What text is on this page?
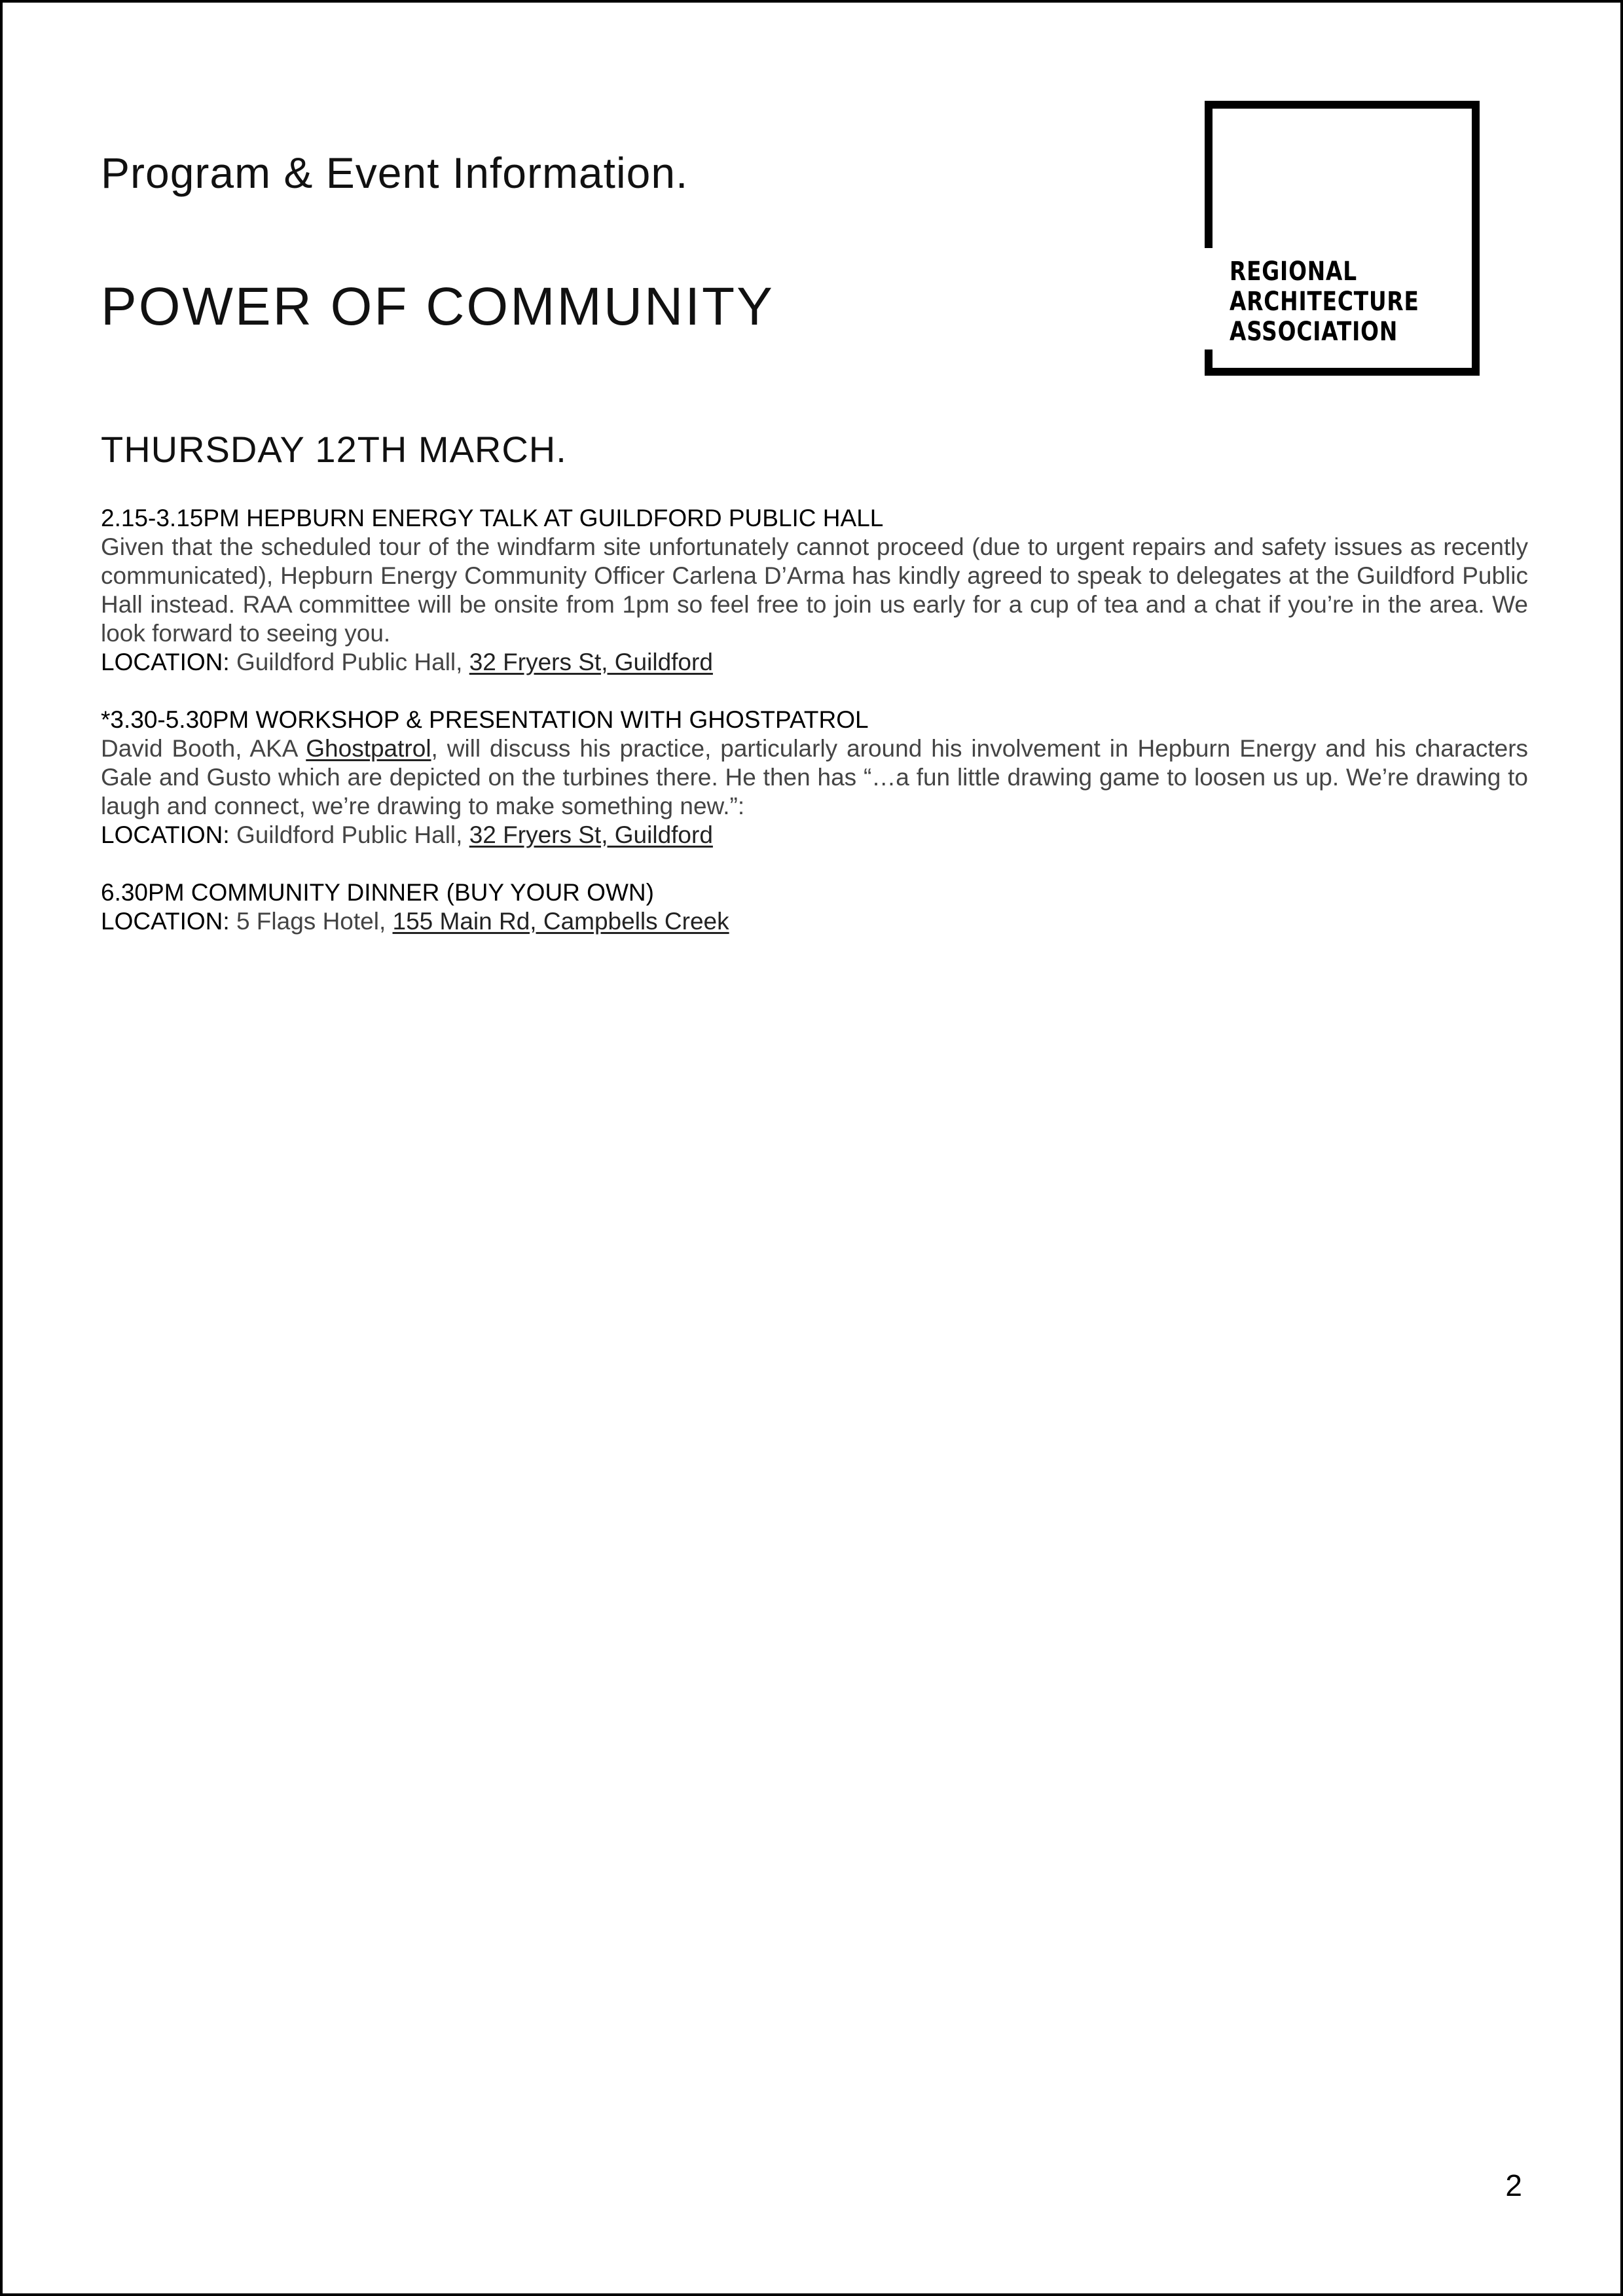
Program & Event Information.
POWER OF COMMUNITY
REGIONAL
ARCHITECTURE
ASSOCIATION
THURSDAY 12TH MARCH.
2.15-3.15PM HEPBURN ENERGY TALK AT GUILDFORD PUBLIC HALL

Given that the scheduled tour of the windfarm site unfortunately cannot proceed (due to urgent repairs and safety issues as recently communicated), Hepburn Energy Community Officer Carlena D’Arma has kindly agreed to speak to delegates at the Guildford Public Hall instead. RAA committee will be onsite from 1pm so feel free to join us early for a cup of tea and a chat if you’re in the area. We look forward to seeing you.

LOCATION: Guildford Public Hall, 32 Fryers St, Guildford
*3.30-5.30PM WORKSHOP & PRESENTATION WITH GHOSTPATROL

David Booth, AKA Ghostpatrol, will discuss his practice, particularly around his involvement in Hepburn Energy and his characters Gale and Gusto which are depicted on the turbines there. He then has “…a fun little drawing game to loosen us up. We’re drawing to laugh and connect, we’re drawing to make something new.”:

LOCATION: Guildford Public Hall, 32 Fryers St, Guildford
6.30PM COMMUNITY DINNER (BUY YOUR OWN)
LOCATION: 5 Flags Hotel, 155 Main Rd, Campbells Creek
2
